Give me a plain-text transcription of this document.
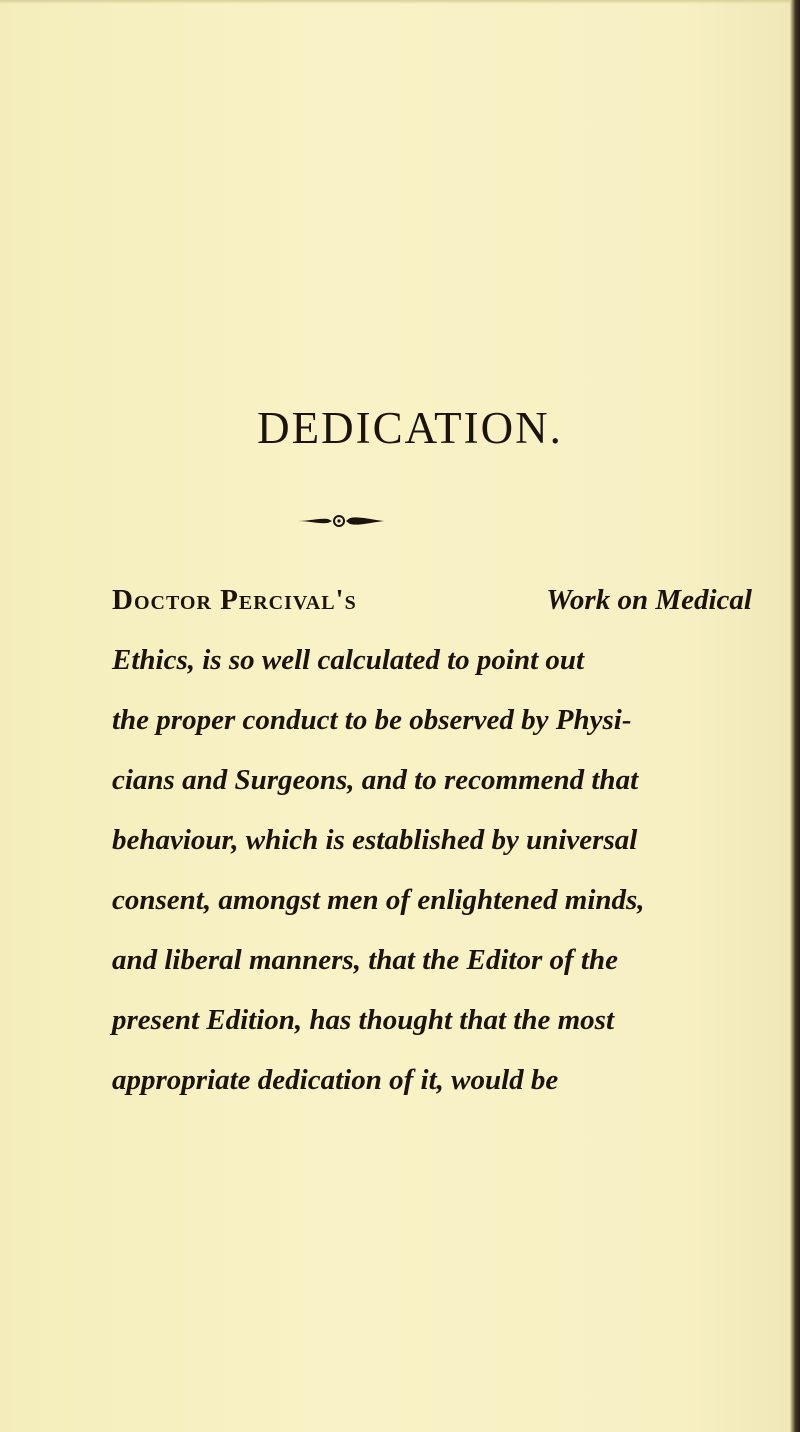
DEDICATION.
Doctor Percival's	Work on Medical
Ethics, is so well calculated to point out
the proper conduct to be observed by Physi-
cians and Surgeons, and to recommend that
behaviour, which is established by universal
consent, amongst men of enlightened minds,
and liberal manners, that the Editor of the
present Edition, has thought that the most
appropriate dedication of it, would be
